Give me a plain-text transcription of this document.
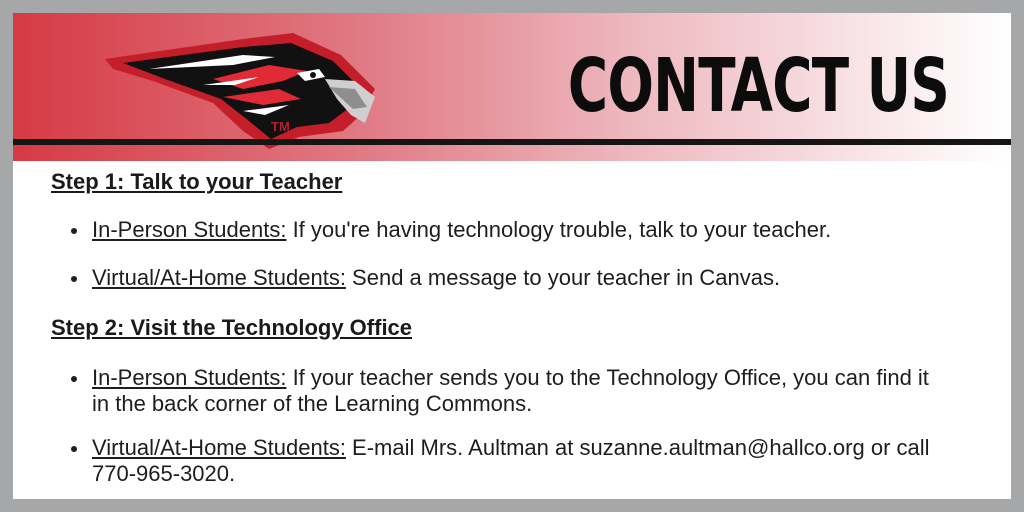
TM	CONTACT US
Step 1: Talk to your Teacher
In-Person Students: If you're having technology trouble, talk to your teacher.
Virtual/At-Home Students: Send a message to your teacher in Canvas.
Step 2: Visit the Technology Office
In-Person Students: If your teacher sends you to the Technology Office, you can find it in the back corner of the Learning Commons.
Virtual/At-Home Students: E-mail Mrs. Aultman at suzanne.aultman@hallco.org or call 770-965-3020.
